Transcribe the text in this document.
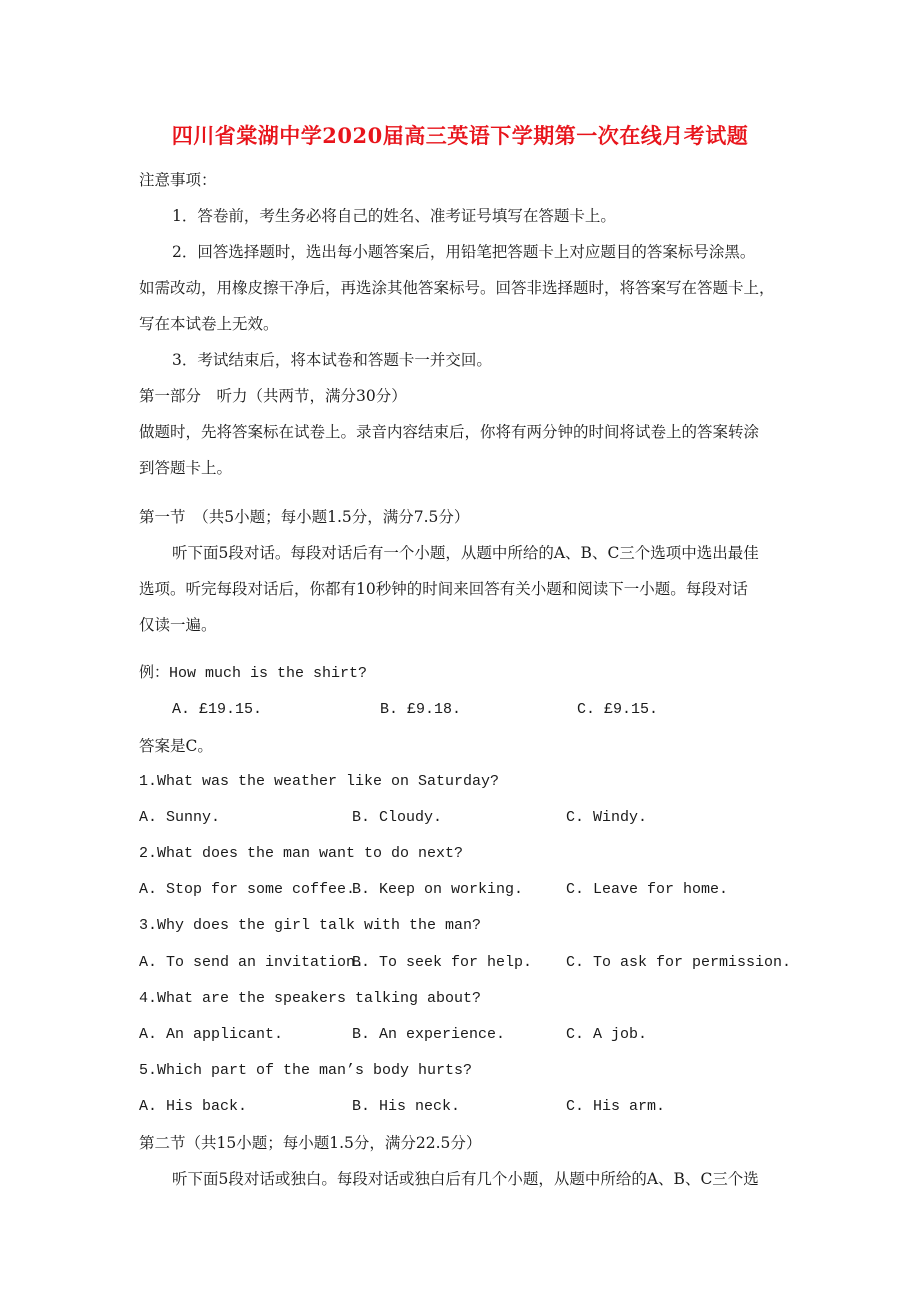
四川省棠湖中学2020届高三英语下学期第一次在线月考试题
注意事项：
1．答卷前，考生务必将自己的姓名、准考证号填写在答题卡上。
2．回答选择题时，选出每小题答案后，用铅笔把答题卡上对应题目的答案标号涂黑。
如需改动，用橡皮擦干净后，再选涂其他答案标号。回答非选择题时，将答案写在答题卡上，
写在本试卷上无效。
3．考试结束后，将本试卷和答题卡一并交回。
第一部分　听力（共两节，满分30分）
做题时，先将答案标在试卷上。录音内容结束后，你将有两分钟的时间将试卷上的答案转涂
到答题卡上。
第一节　（共5小题；每小题1.5分，满分7.5分）
听下面5段对话。每段对话后有一个小题，从题中所给的A、B、C三个选项中选出最佳
选项。听完每段对话后，你都有10秒钟的时间来回答有关小题和阅读下一小题。每段对话
仅读一遍。
例：How much is the shirt?
A. £19.15.	B. £9.18.	C. £9.15.
答案是C。
1.What was the weather like on Saturday?
A. Sunny.	B. Cloudy.	C. Windy.
2.What does the man want to do next?
A. Stop for some coffee.
B. Keep on working.	C. Leave for home.
3.Why does the girl talk with the man?
A. To send an invitation.
B. To seek for help. C. To ask for permission.
4.What are the speakers talking about?
A. An applicant.	B. An experience.	C. A job.
5.Which part of the man’s body hurts?
A. His back.	B. His neck.	C. His arm.
第二节（共15小题；每小题1.5分，满分22.5分）
听下面5段对话或独白。每段对话或独白后有几个小题，从题中所给的A、B、C三个选
